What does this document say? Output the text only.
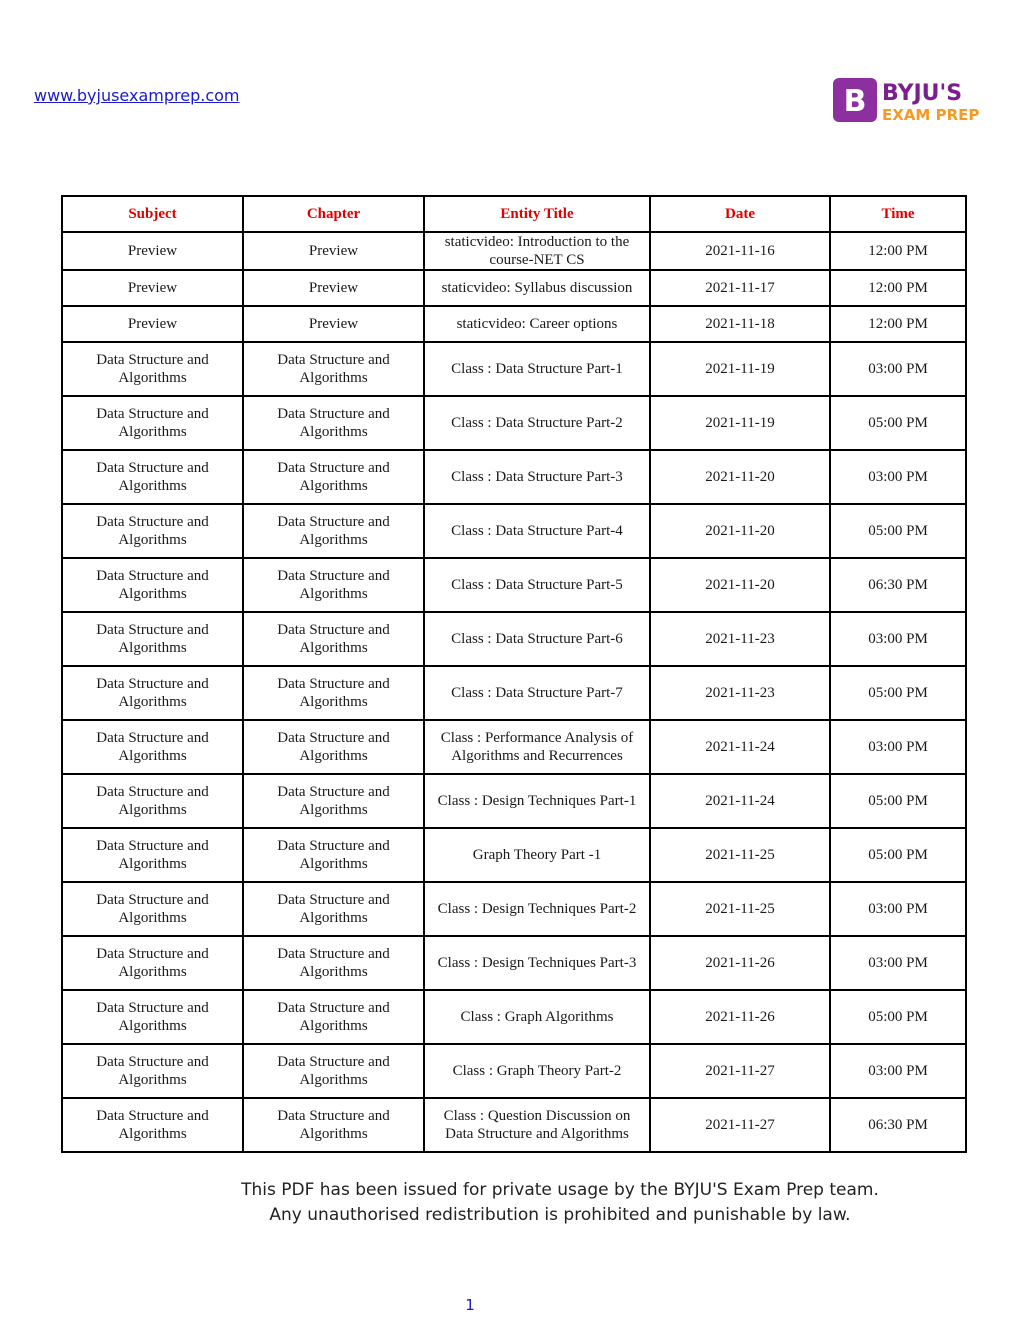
www.byjusexamprep.com	B BYJU'S
EXAM PREP
Subject	Chapter	Entity Title	Date	Time
Preview	Preview	staticvideo: Introduction to the course-NET CS	2021-11-16	12:00 PM
Preview	Preview	staticvideo: Syllabus discussion	2021-11-17	12:00 PM
Preview	Preview	staticvideo: Career options	2021-11-18	12:00 PM
Data Structure and Algorithms	Data Structure and Algorithms	Class : Data Structure Part-1	2021-11-19	03:00 PM
Data Structure and Algorithms	Data Structure and Algorithms	Class : Data Structure Part-2	2021-11-19	05:00 PM
Data Structure and Algorithms	Data Structure and Algorithms	Class : Data Structure Part-3	2021-11-20	03:00 PM
Data Structure and Algorithms	Data Structure and Algorithms	Class : Data Structure Part-4	2021-11-20	05:00 PM
Data Structure and Algorithms	Data Structure and Algorithms	Class : Data Structure Part-5	2021-11-20	06:30 PM
Data Structure and Algorithms	Data Structure and Algorithms	Class : Data Structure Part-6	2021-11-23	03:00 PM
Data Structure and Algorithms	Data Structure and Algorithms	Class : Data Structure Part-7	2021-11-23	05:00 PM
Data Structure and Algorithms	Data Structure and Algorithms	Class : Performance Analysis of Algorithms and Recurrences	2021-11-24	03:00 PM
Data Structure and Algorithms	Data Structure and Algorithms	Class : Design Techniques Part-1	2021-11-24	05:00 PM
Data Structure and Algorithms	Data Structure and Algorithms	Graph Theory Part -1	2021-11-25	05:00 PM
Data Structure and Algorithms	Data Structure and Algorithms	Class : Design Techniques Part-2	2021-11-25	03:00 PM
Data Structure and Algorithms	Data Structure and Algorithms	Class : Design Techniques Part-3	2021-11-26	03:00 PM
Data Structure and Algorithms	Data Structure and Algorithms	Class : Graph Algorithms	2021-11-26	05:00 PM
Data Structure and Algorithms	Data Structure and Algorithms	Class : Graph Theory Part-2	2021-11-27	03:00 PM
Data Structure and Algorithms	Data Structure and Algorithms	Class : Question Discussion on Data Structure and Algorithms	2021-11-27	06:30 PM
This PDF has been issued for private usage by the BYJU'S Exam Prep team.
Any unauthorised redistribution is prohibited and punishable by law.
1
